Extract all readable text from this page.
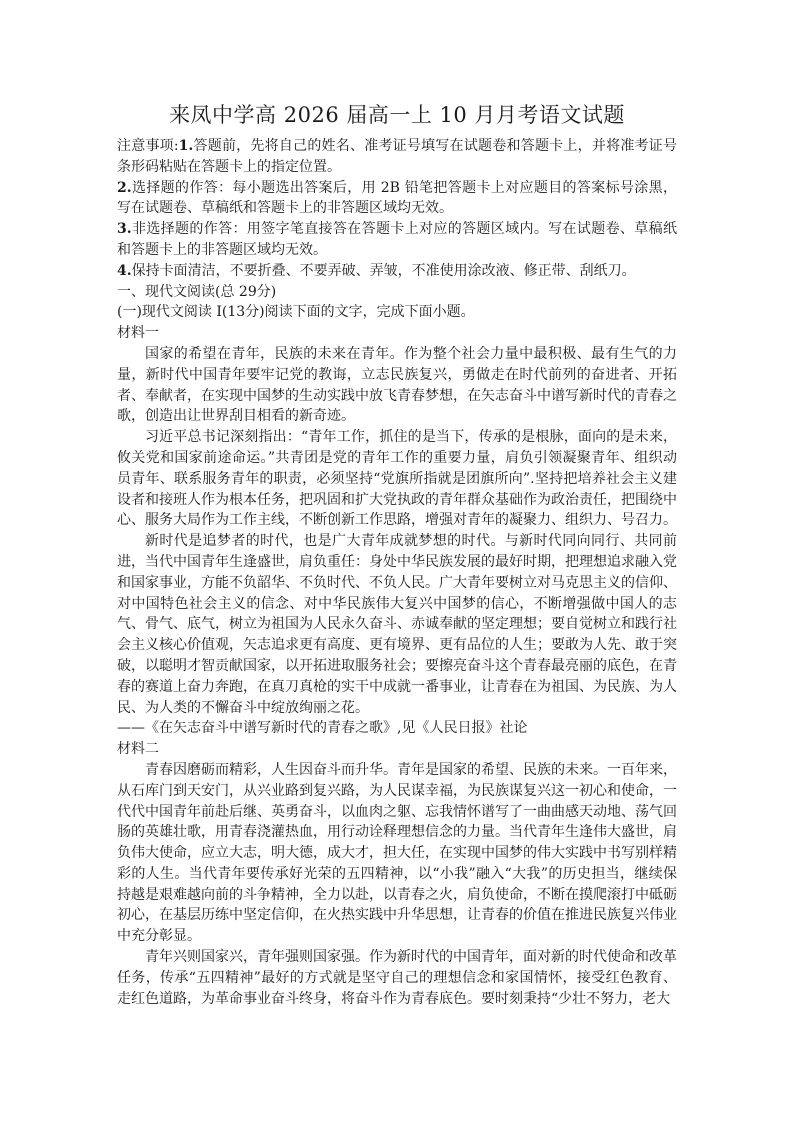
来凤中学高 2026 届高一上 10 月月考语文试题

注意事项:1.答题前，先将自己的姓名、准考证号填写在试题卷和答题卡上，并将准考证号条形码粘贴在答题卡上的指定位置。

2.选择题的作答：每小题选出答案后，用 2B 铅笔把答题卡上对应题目的答案标号涂黑，写在试题卷、草稿纸和答题卡上的非答题区域均无效。

3.非选择题的作答：用签字笔直接答在答题卡上对应的答题区域内。写在试题卷、草稿纸和答题卡上的非答题区域均无效。

4.保持卡面清洁，不要折叠、不要弄破、弄皱，不准使用涂改液、修正带、刮纸刀。

一、现代文阅读(总 29分)

(一)现代文阅读 I(13分)阅读下面的文字，完成下面小题。

材料一

国家的希望在青年，民族的未来在青年。作为整个社会力量中最积极、最有生气的力量，新时代中国青年要牢记党的教诲，立志民族复兴，勇做走在时代前列的奋进者、开拓者、奉献者，在实现中国梦的生动实践中放飞青春梦想，在矢志奋斗中谱写新时代的青春之歌，创造出让世界刮目相看的新奇迹。

习近平总书记深刻指出：“青年工作，抓住的是当下，传承的是根脉，面向的是未来，攸关党和国家前途命运。”共青团是党的青年工作的重要力量，肩负引领凝聚青年、组织动员青年、联系服务青年的职责，必须坚持“党旗所指就是团旗所向”.坚持把培养社会主义建设者和接班人作为根本任务，把巩固和扩大党执政的青年群众基础作为政治责任，把围绕中心、服务大局作为工作主线，不断创新工作思路，增强对青年的凝聚力、组织力、号召力。

新时代是追梦者的时代，也是广大青年成就梦想的时代。与新时代同向同行、共同前进，当代中国青年生逢盛世，肩负重任：身处中华民族发展的最好时期，把理想追求融入党和国家事业，方能不负韶华、不负时代、不负人民。广大青年要树立对马克思主义的信仰、对中国特色社会主义的信念、对中华民族伟大复兴中国梦的信心，不断增强做中国人的志气、骨气、底气，树立为祖国为人民永久奋斗、赤诚奉献的坚定理想；要自觉树立和践行社会主义核心价值观，矢志追求更有高度、更有境界、更有品位的人生；要敢为人先、敢于突破，以聪明才智贡献国家，以开拓进取服务社会；要擦亮奋斗这个青春最亮丽的底色，在青春的赛道上奋力奔跑，在真刀真枪的实干中成就一番事业，让青春在为祖国、为民族、为人民、为人类的不懈奋斗中绽放绚丽之花。

——《在矢志奋斗中谱写新时代的青春之歌》,见《人民日报》社论

材料二

青春因磨砺而精彩，人生因奋斗而升华。青年是国家的希望、民族的未来。一百年来，从石库门到天安门，从兴业路到复兴路，为人民谋幸福，为民族谋复兴这一初心和使命，一代代中国青年前赴后继、英勇奋斗，以血肉之躯、忘我情怀谱写了一曲曲感天动地、荡气回肠的英雄壮歌，用青春浇灌热血，用行动诠释理想信念的力量。当代青年生逢伟大盛世，肩负伟大使命，应立大志，明大德，成大才，担大任，在实现中国梦的伟大实践中书写别样精彩的人生。当代青年要传承好光荣的五四精神，以“小我”融入“大我”的历史担当，继续保持越是艰难越向前的斗争精神，全力以赴，以青春之火，肩负使命，不断在摸爬滚打中砥砺初心，在基层历练中坚定信仰，在火热实践中升华思想，让青春的价值在推进民族复兴伟业中充分彰显。

青年兴则国家兴，青年强则国家强。作为新时代的中国青年，面对新的时代使命和改革任务，传承“五四精神”最好的方式就是坚守自己的理想信念和家国情怀，接受红色教育、走红色道路，为革命事业奋斗终身，将奋斗作为青春底色。要时刻秉持“少壮不努力，老大
